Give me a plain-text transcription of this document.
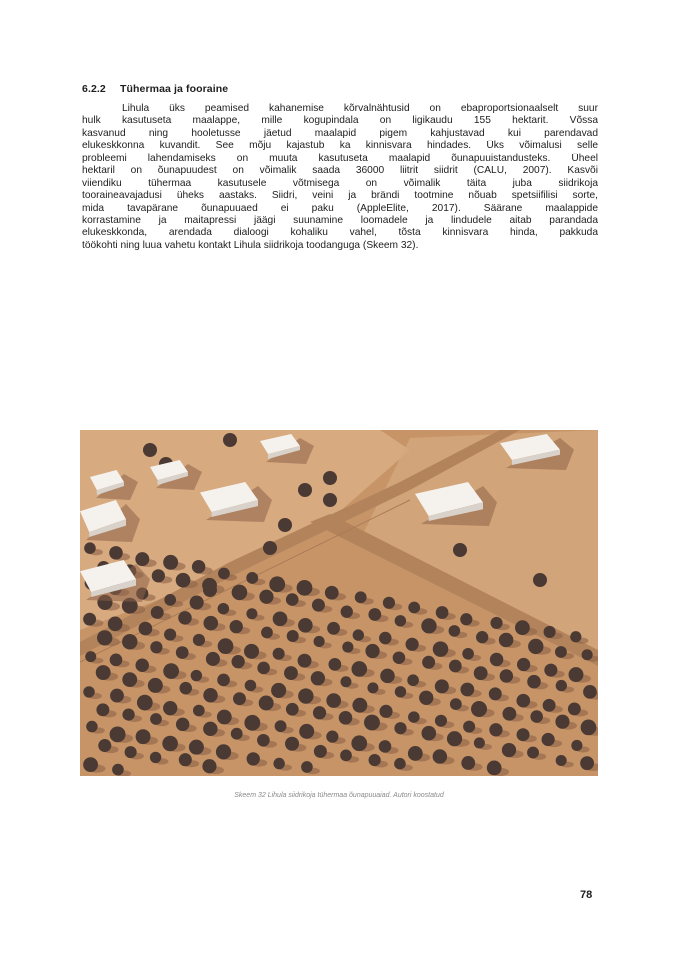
6.2.2 Tühermaa ja fooraine
Lihula üks peamised kahanemise kõrvalnähtusid on ebaproportsionaalselt suur
hulk kasutuseta maalappe, mille kogupindala on ligikaudu 155 hektarit. Võssa
kasvanud ning hooletusse jäetud maalapid pigem kahjustavad kui parendavad
elukeskkonna kuvandit. See mõju kajastub ka kinnisvara hindades. Üks võimalusi selle
probleemi lahendamiseks on muuta kasutuseta maalapid õunapuuistandusteks. Üheel
hektaril on õunapuudest on võimalik saada 36000 liitrit siidrit (CALU, 2007). Kasvõi
viiendiku tühermaa kasutusele võtmisega on võimalik täita juba siidrikoja
tooraineavajadusi üheks aastaks. Siidri, veini ja brändi tootmine nõuab spetsiifilisi sorte,
mida tavapärane õunapuuaed ei paku (AppleElite, 2017). Säärane maalappide
korrastamine ja maitapressi jäägi suunamine loomadele ja lindudele aitab parandada
elukeskkonda, arendada dialoogi kohaliku vahel, tõsta kinnisvara hinda, pakkuda
töökohti ning luua vahetu kontakt Lihula siidrikoja toodanguga (Skeem 32).
Skeem 32 Lihula siidrikoja tühermaa õunapuuaiad. Autori koostatud
78
